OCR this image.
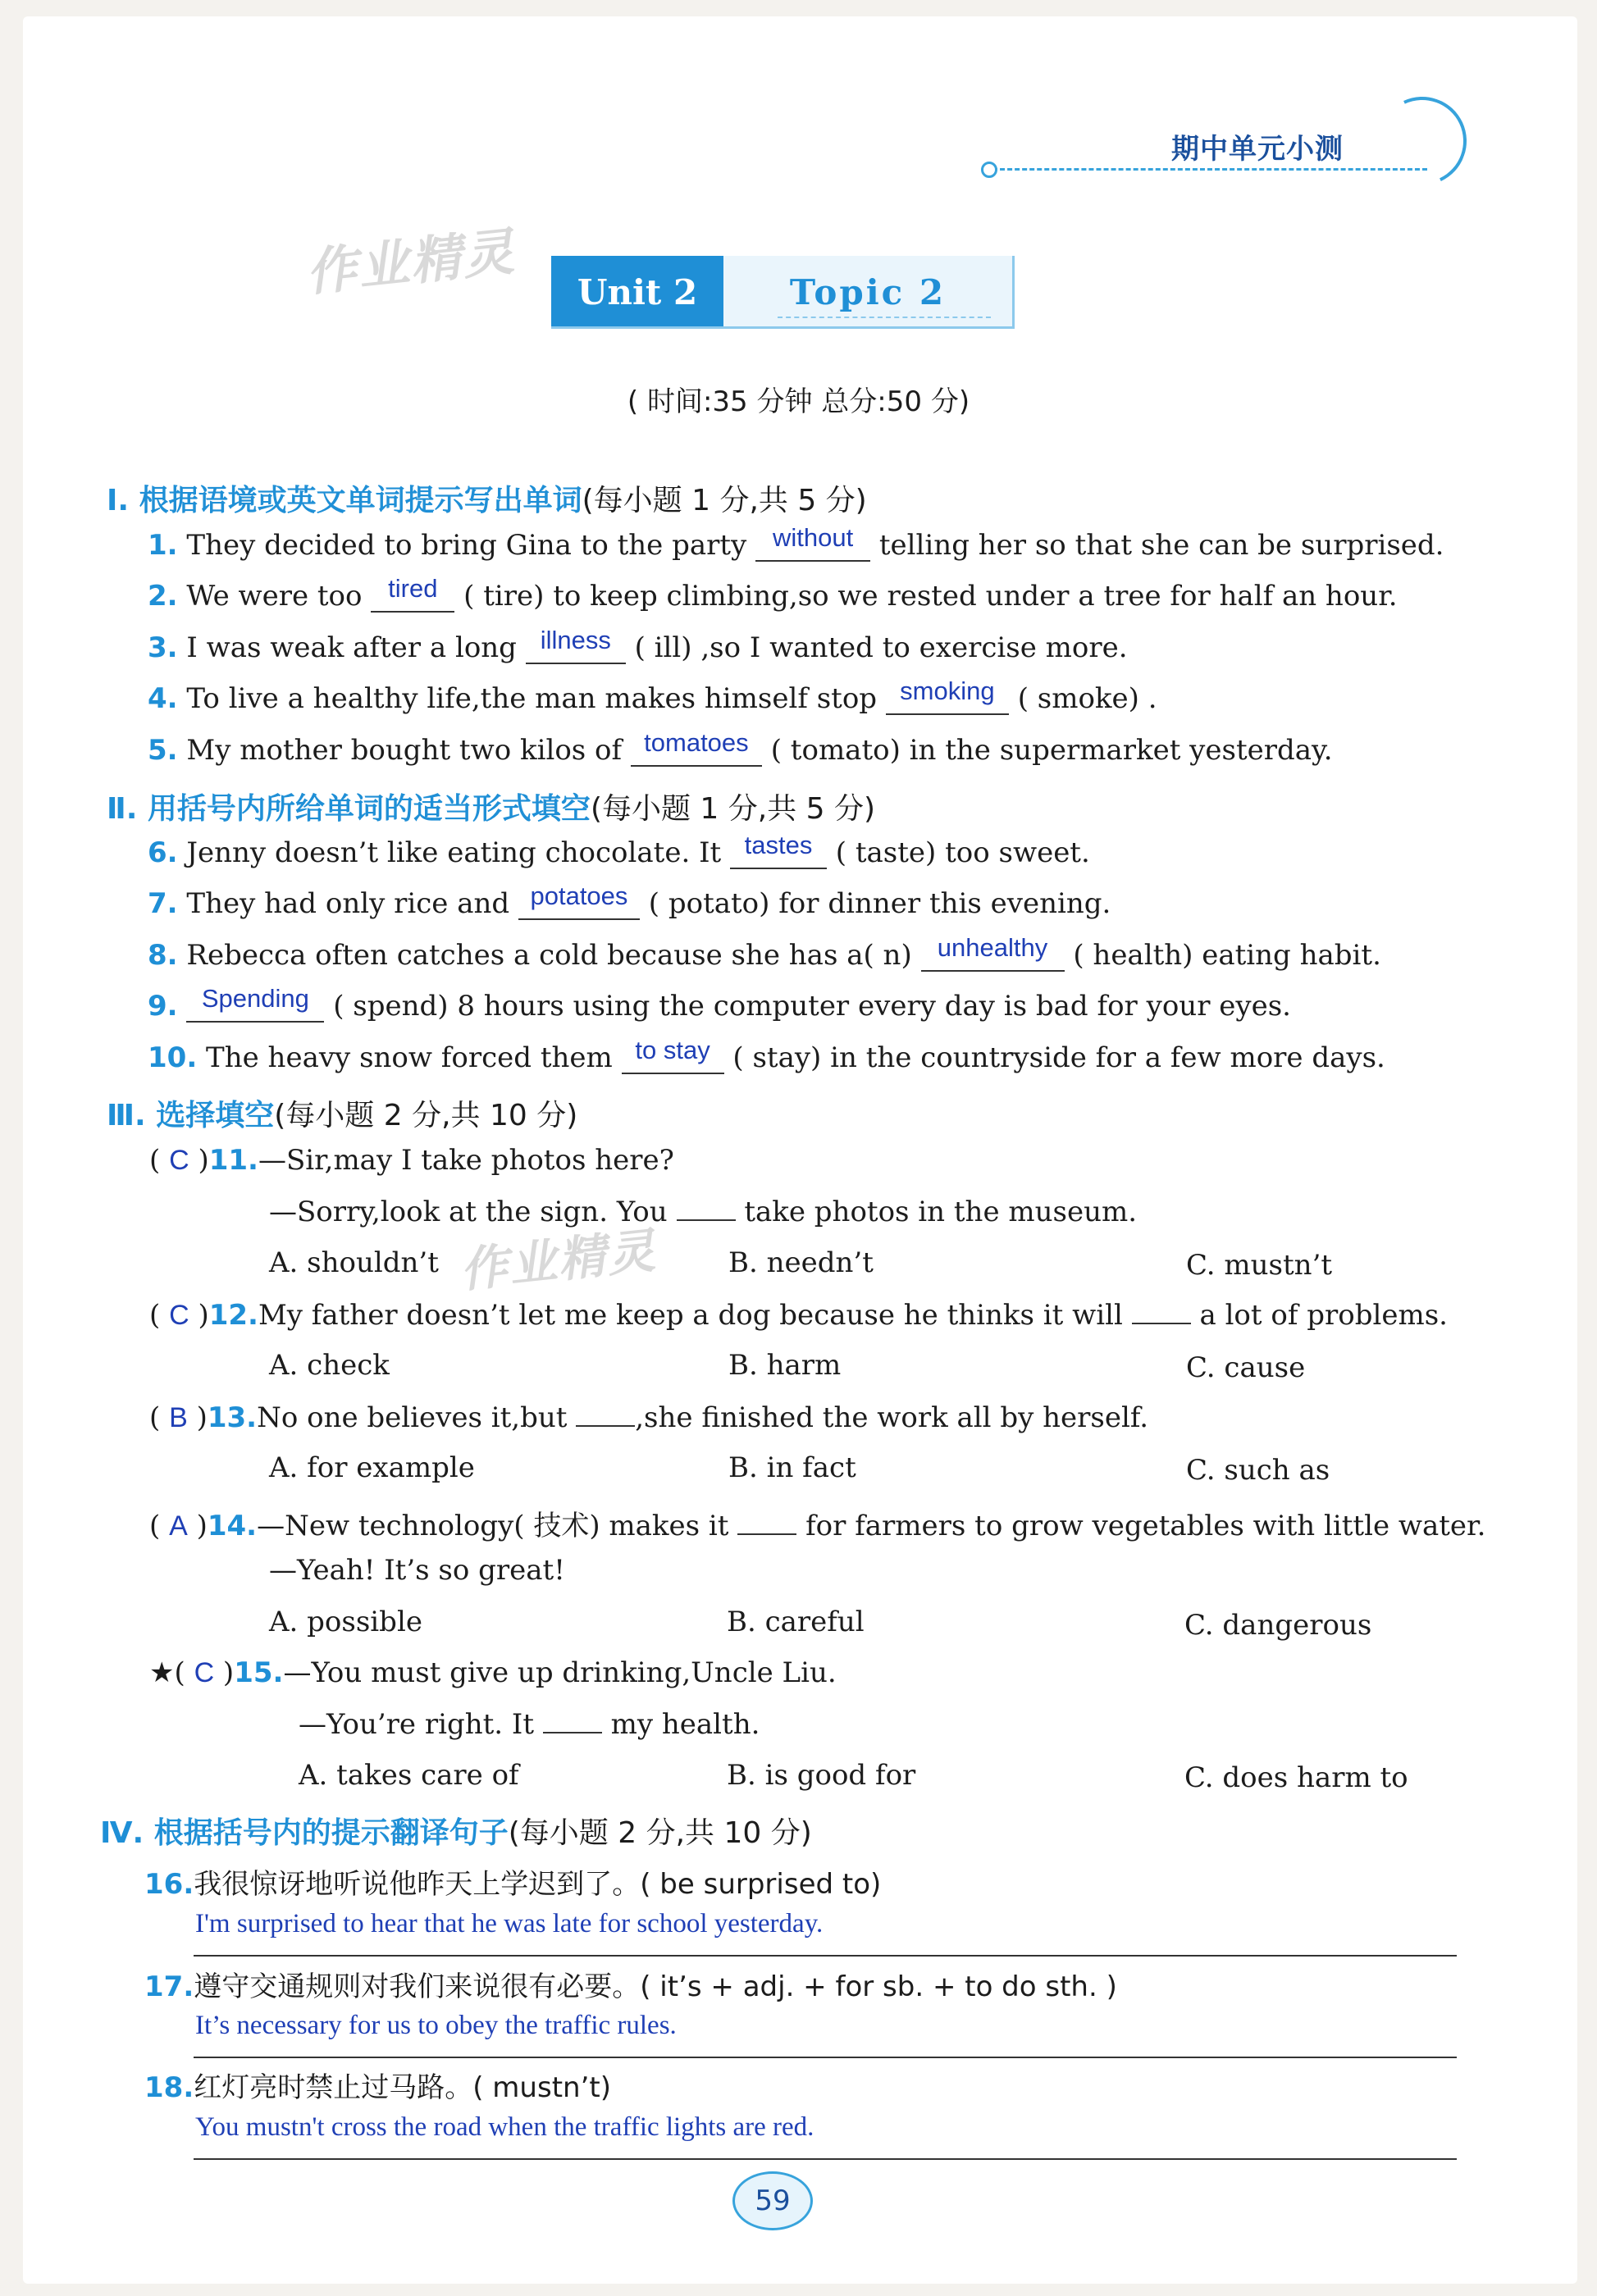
期中单元小测
作业精灵
作业精灵
Unit 2	Topic 2
( 时间:35 分钟 总分:50 分)
Ⅰ. 根据语境或英文单词提示写出单词(每小题 1 分,共 5 分)
1. They decided to bring Gina to the party without telling her so that she can be surprised.
2. We were too tired ( tire) to keep climbing,so we rested under a tree for half an hour.
3. I was weak after a long illness ( ill) ,so I wanted to exercise more.
4. To live a healthy life,the man makes himself stop smoking ( smoke) .
5. My mother bought two kilos of tomatoes ( tomato) in the supermarket yesterday.
Ⅱ. 用括号内所给单词的适当形式填空(每小题 1 分,共 5 分)
6. Jenny doesn’t like eating chocolate. It tastes ( taste) too sweet.
7. They had only rice and potatoes ( potato) for dinner this evening.
8. Rebecca often catches a cold because she has a( n) unhealthy ( health) eating habit.
9. Spending ( spend) 8 hours using the computer every day is bad for your eyes.
10. The heavy snow forced them to stay ( stay) in the countryside for a few more days.
Ⅲ. 选择填空(每小题 2 分,共 10 分)
( C )11.—Sir,may I take photos here?
—Sorry,look at the sign. You	take photos in the museum.
A. shouldn’t	B. needn’t	C. mustn’t
( C )12.My father doesn’t let me keep a dog because he thinks it will	a lot of problems.
A. check	B. harm	C. cause
( B )13.No one believes it,but ,she finished the work all by herself.
A. for example	B. in fact	C. such as
( A )14.—New technology( 技术) makes it	for farmers to grow vegetables with little water.
—Yeah! It’s so great!
A. possible	B. careful	C. dangerous
★( C )15.—You must give up drinking,Uncle Liu.
—You’re right. It	my health.
A. takes care of	B. is good for	C. does harm to
Ⅳ. 根据括号内的提示翻译句子(每小题 2 分,共 10 分)
16.我很惊讶地听说他昨天上学迟到了。( be surprised to)
I'm surprised to hear that he was late for school yesterday.
17.遵守交通规则对我们来说很有必要。( it’s + adj. + for sb. + to do sth. )
It’s necessary for us to obey the traffic rules.
18.红灯亮时禁止过马路。( mustn’t)
You mustn't cross the road when the traffic lights are red.
59
